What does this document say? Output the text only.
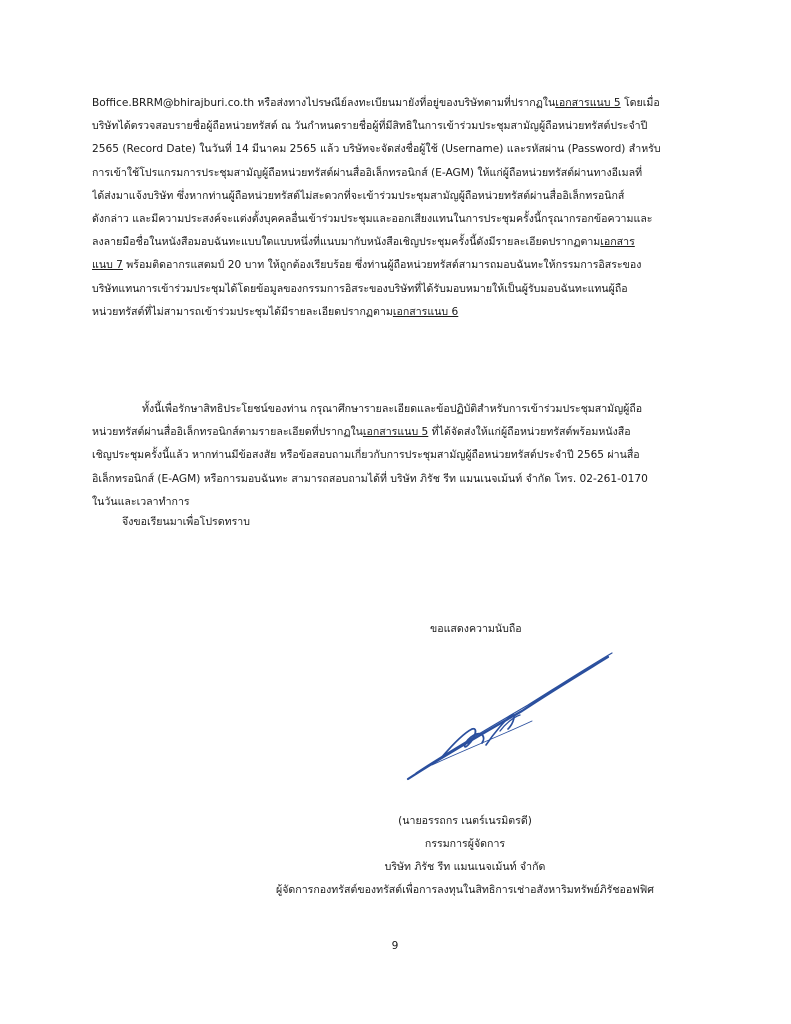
Boffice.BRRM@bhirajburi.co.th หรือส่งทางไปรษณีย์ลงทะเบียนมายังที่อยู่ของบริษัทตามที่ปรากฏในเอกสารแนบ 5 โดยเมื่อ
บริษัทได้ตรวจสอบรายชื่อผู้ถือหน่วยทรัสต์ ณ วันกำหนดรายชื่อผู้ที่มีสิทธิในการเข้าร่วมประชุมสามัญผู้ถือหน่วยทรัสต์ประจำปี
2565 (Record Date) ในวันที่ 14 มีนาคม 2565 แล้ว บริษัทจะจัดส่งชื่อผู้ใช้ (Username) และรหัสผ่าน (Password) สำหรับ
การเข้าใช้โปรแกรมการประชุมสามัญผู้ถือหน่วยทรัสต์ผ่านสื่ออิเล็กทรอนิกส์ (E-AGM) ให้แก่ผู้ถือหน่วยทรัสต์ผ่านทางอีเมลที่
ได้ส่งมาแจ้งบริษัท ซึ่งหากท่านผู้ถือหน่วยทรัสต์ไม่สะดวกที่จะเข้าร่วมประชุมสามัญผู้ถือหน่วยทรัสต์ผ่านสื่ออิเล็กทรอนิกส์
ดังกล่าว และมีความประสงค์จะแต่งตั้งบุคคลอื่นเข้าร่วมประชุมและออกเสียงแทนในการประชุมครั้งนี้กรุณากรอกข้อความและ
ลงลายมือชื่อในหนังสือมอบฉันทะแบบใดแบบหนึ่งที่แนบมากับหนังสือเชิญประชุมครั้งนี้ดังมีรายละเอียดปรากฏตามเอกสาร
แนบ 7 พร้อมติดอากรแสตมป์ 20 บาท ให้ถูกต้องเรียบร้อย ซึ่งท่านผู้ถือหน่วยทรัสต์สามารถมอบฉันทะให้กรรมการอิสระของ
บริษัทแทนการเข้าร่วมประชุมได้โดยข้อมูลของกรรมการอิสระของบริษัทที่ได้รับมอบหมายให้เป็นผู้รับมอบฉันทะแทนผู้ถือ
หน่วยทรัสต์ที่ไม่สามารถเข้าร่วมประชุมได้มีรายละเอียดปรากฏตามเอกสารแนบ 6
ทั้งนี้เพื่อรักษาสิทธิประโยชน์ของท่าน กรุณาศึกษารายละเอียดและข้อปฏิบัติสำหรับการเข้าร่วมประชุมสามัญผู้ถือ
หน่วยทรัสต์ผ่านสื่ออิเล็กทรอนิกส์ตามรายละเอียดที่ปรากฏในเอกสารแนบ 5 ที่ได้จัดส่งให้แก่ผู้ถือหน่วยทรัสต์พร้อมหนังสือ
เชิญประชุมครั้งนี้แล้ว หากท่านมีข้อสงสัย หรือข้อสอบถามเกี่ยวกับการประชุมสามัญผู้ถือหน่วยทรัสต์ประจำปี 2565 ผ่านสื่อ
อิเล็กทรอนิกส์ (E-AGM) หรือการมอบฉันทะ สามารถสอบถามได้ที่ บริษัท ภิรัช รีท แมนเนจเม้นท์ จำกัด โทร. 02-261-0170
ในวันและเวลาทำการ
จึงขอเรียนมาเพื่อโปรดทราบ
ขอแสดงความนับถือ
(นายอรรถกร เนตร์เนรมิตรดี)
กรรมการผู้จัดการ
บริษัท ภิรัช รีท แมนเนจเม้นท์ จำกัด
ผู้จัดการกองทรัสต์ของทรัสต์เพื่อการลงทุนในสิทธิการเช่าอสังหาริมทรัพย์ภิรัชออฟฟิศ
9
